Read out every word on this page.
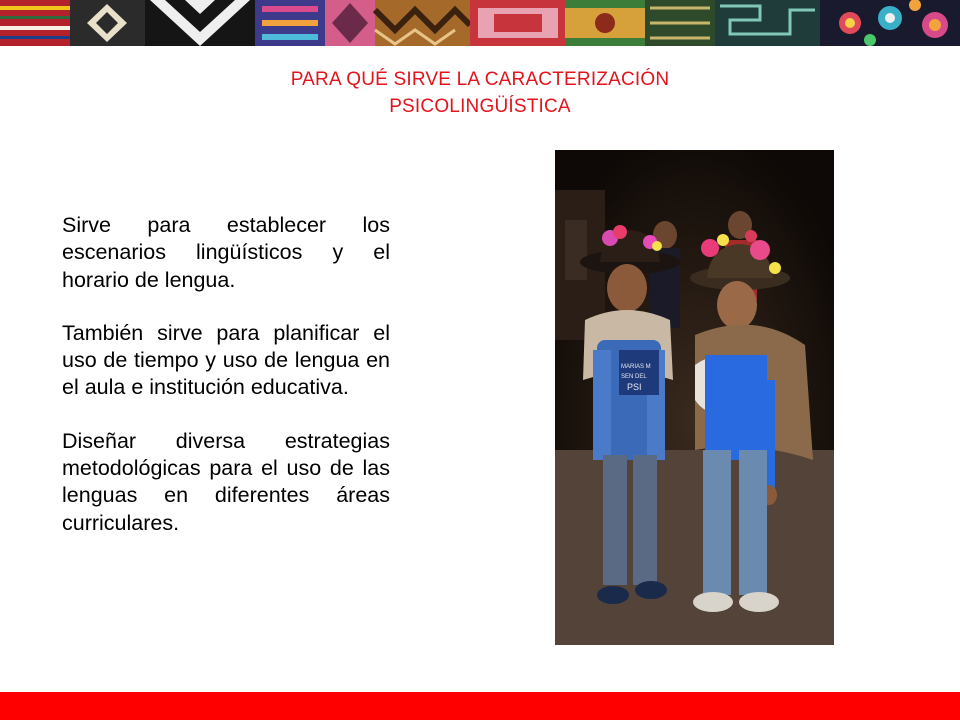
PARA QUÉ SIRVE LA CARACTERIZACIÓN
PSICOLINGÜÍSTICA

Sirve para establecer los escenarios lingüísticos y el horario de lengua.

También sirve para planificar el uso de tiempo y uso de lengua en el aula e institución educativa.

Diseñar diversa estrategias metodológicas para el uso de las lenguas en diferentes áreas curriculares.

MARIAS M
SEN DEL
PSI
